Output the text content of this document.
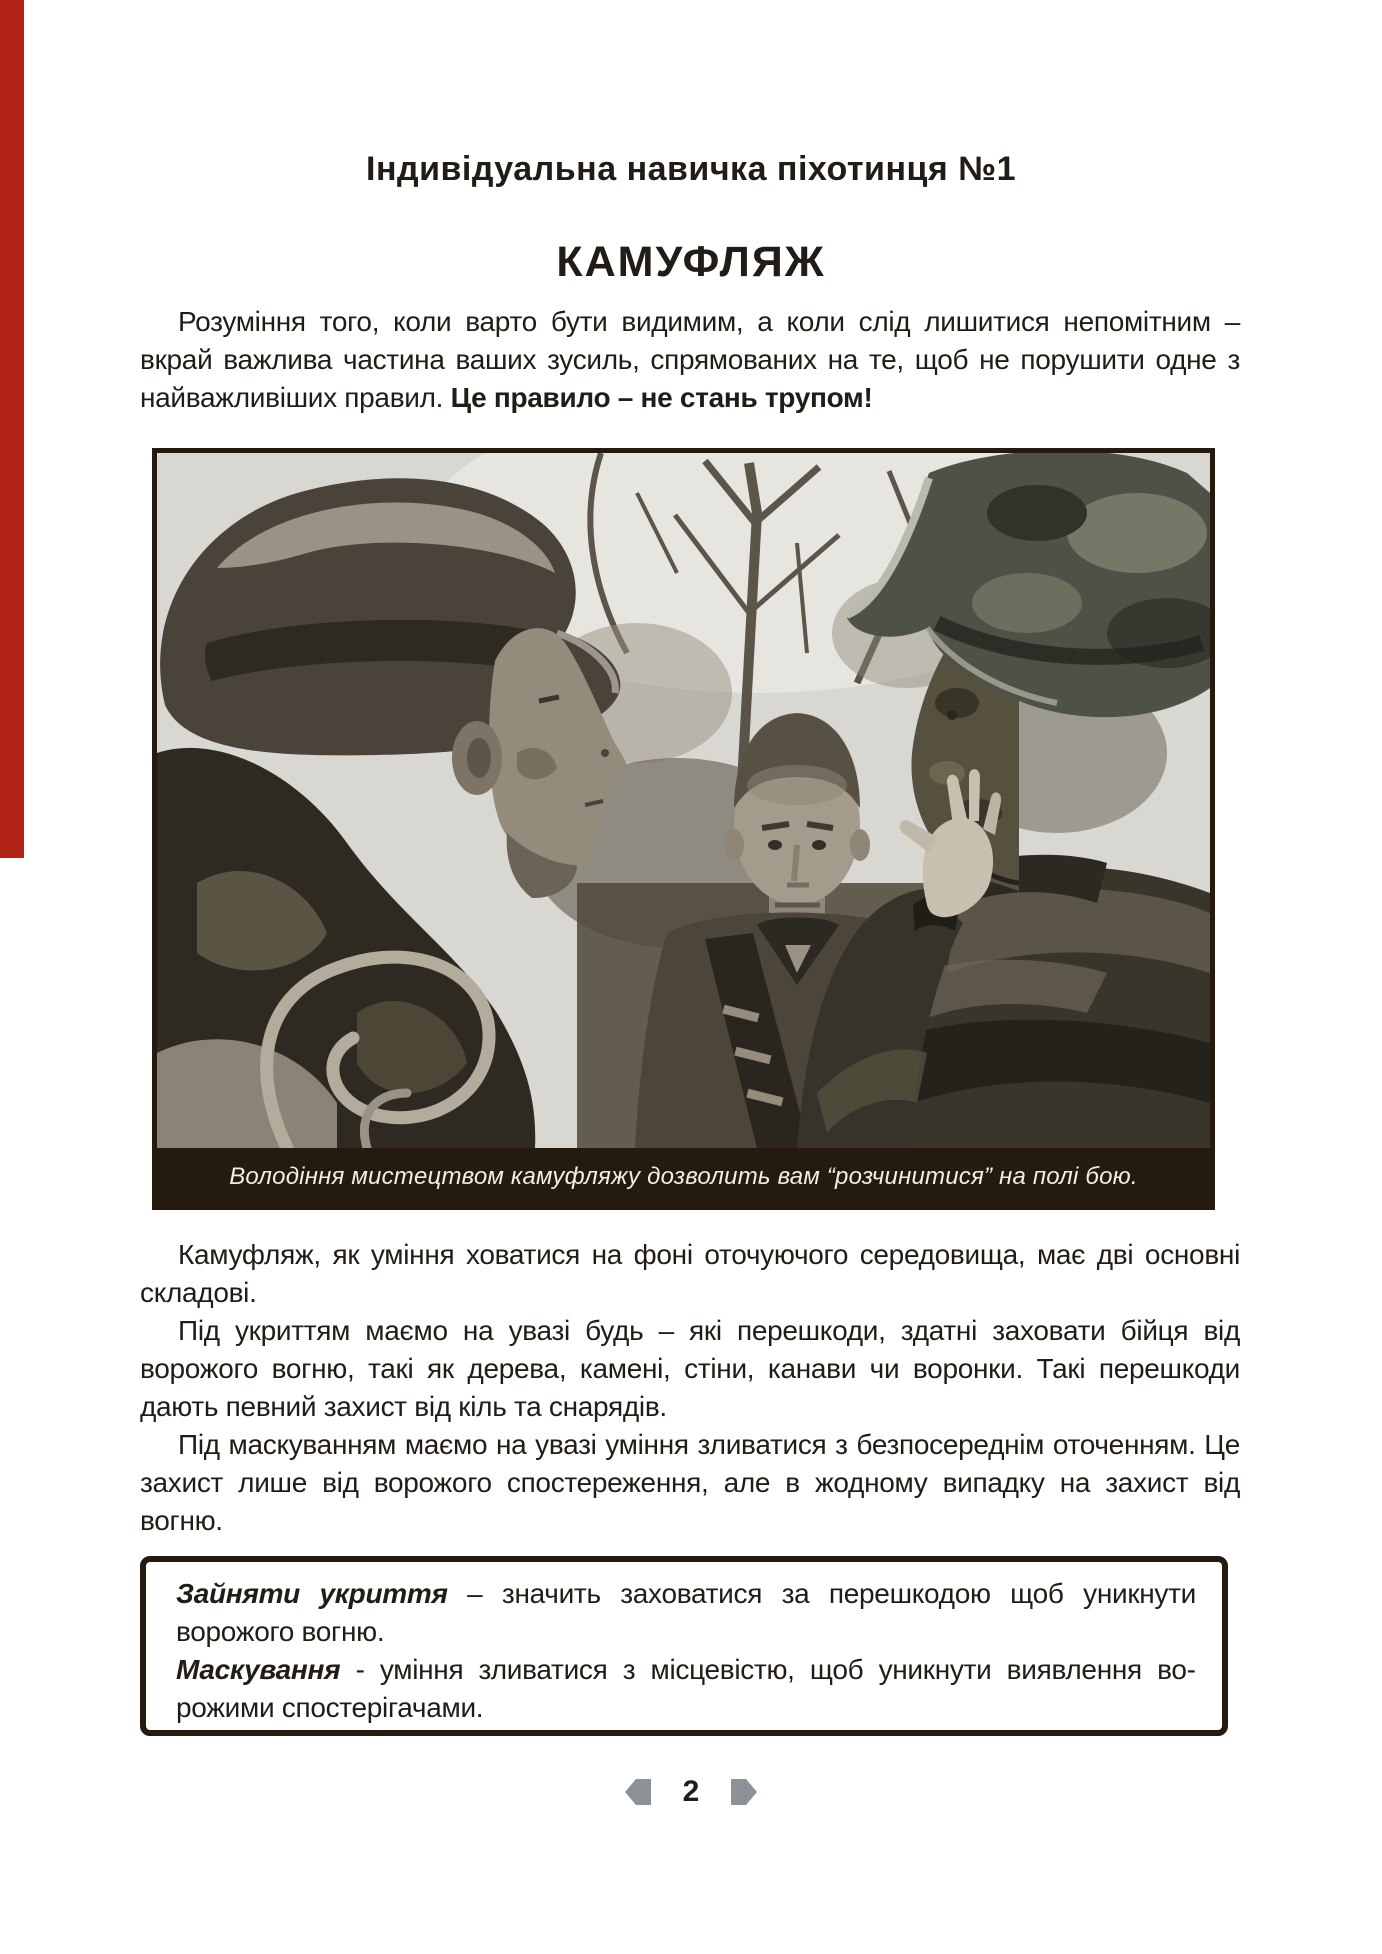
Індивідуальна навичка піхотинця №1
КАМУФЛЯЖ
Розуміння того, коли варто бути видимим, а коли слід лишитися непомітним – вкрай важлива частина ваших зусиль, спрямованих на те, щоб не порушити одне з найважливіших правил. Це правило – не стань трупом!
Володіння мистецтвом камуфляжу дозволить вам “розчинитися” на полі бою.

Камуфляж, як уміння ховатися на фоні оточуючого середовища, має дві основні складові.

Під укриттям маємо на увазі будь – які перешкоди, здатні заховати бійця від ворожого вогню, такі як дерева, камені, стіни, канави чи воронки. Такі перешкоди дають певний захист від кіль та снарядів.

Під маскуванням маємо на увазі уміння зливатися з безпосереднім оточенням. Це захист лише від ворожого спостереження, але в жодному випадку на захист від вогню.

Зайняти укриття – значить заховатися за перешкодою щоб уникнути ворожого вогню.

Маскування - уміння зливатися з місцевістю, щоб уникнути виявлення ворожими спостерігачами.

2
